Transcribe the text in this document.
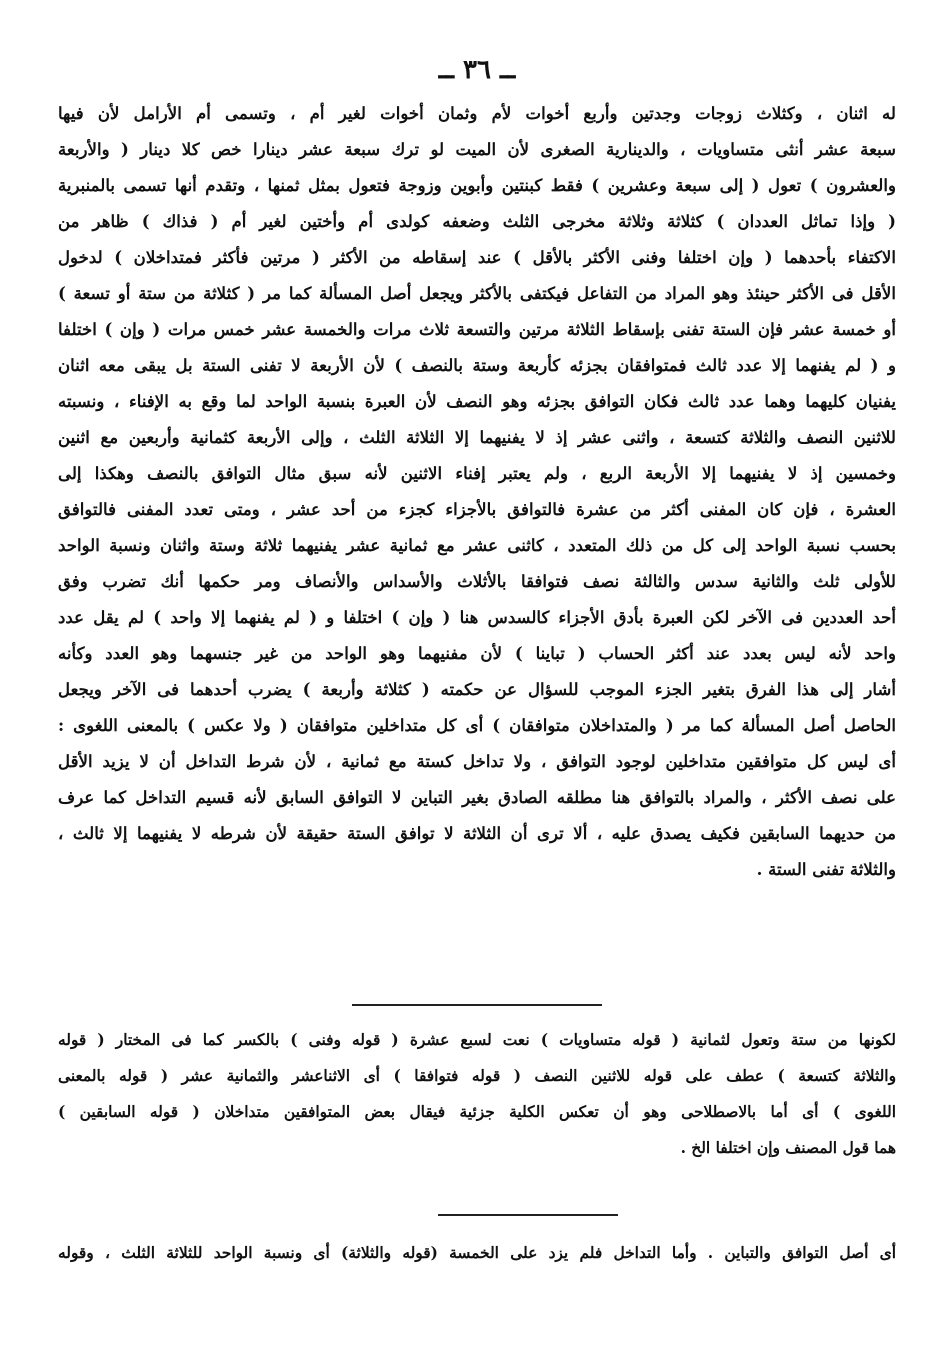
ــ ٣٦ ــ
له اثنان ، وكثلاث زوجات وجدتين وأربع أخوات لأم وثمان أخوات لغير أم ، وتسمى أم الأرامل لأن فيها
سبعة عشر أنثى متساويات ، والدينارية الصغرى لأن الميت لو ترك سبعة عشر دينارا خص كلا دينار ( والأربعة
والعشرون ) تعول ( إلى سبعة وعشرين ) فقط كبنتين وأبوين وزوجة فتعول بمثل ثمنها ، وتقدم أنها تسمى بالمنبرية
( وإذا تماثل العددان ) كثلاثة وثلاثة مخرجى الثلث وضعفه كولدى أم وأختين لغير أم ( فذاك ) ظاهر من
الاكتفاء بأحدهما ( وإن اختلفا وفنى الأكثر بالأقل ) عند إسقاطه من الأكثر ( مرتين فأكثر فمتداخلان ) لدخول
الأقل فى الأكثر حينئذ وهو المراد من التفاعل فيكتفى بالأكثر ويجعل أصل المسألة كما مر ( كثلاثة من ستة أو تسعة )
أو خمسة عشر فإن الستة تفنى بإسقاط الثلاثة مرتين والتسعة ثلاث مرات والخمسة عشر خمس مرات ( وإن ) اختلفا
و ( لم يفنهما إلا عدد ثالث فمتوافقان بجزئه كأربعة وستة بالنصف ) لأن الأربعة لا تفنى الستة بل يبقى معه اثنان
يفنيان كليهما وهما عدد ثالث فكان التوافق بجزئه وهو النصف لأن العبرة بنسبة الواحد لما وقع به الإفناء ، ونسبته
للاثنين النصف والثلاثة كتسعة ، واثنى عشر إذ لا يفنيهما إلا الثلاثة الثلث ، وإلى الأربعة كثمانية وأربعين مع اثنين
وخمسين إذ لا يفنيهما إلا الأربعة الربع ، ولم يعتبر إفناء الاثنين لأنه سبق مثال التوافق بالنصف وهكذا إلى
العشرة ، فإن كان المفنى أكثر من عشرة فالتوافق بالأجزاء كجزء من أحد عشر ، ومتى تعدد المفنى فالتوافق
بحسب نسبة الواحد إلى كل من ذلك المتعدد ، كاثنى عشر مع ثمانية عشر يفنيهما ثلاثة وستة واثنان ونسبة الواحد
للأولى ثلث والثانية سدس والثالثة نصف فتوافقا بالأثلاث والأسداس والأنصاف ومر حكمها أنك تضرب وفق
أحد العددين فى الآخر لكن العبرة بأدق الأجزاء كالسدس هنا ( وإن ) اختلفا و ( لم يفنهما إلا واحد ) لم يقل عدد
واحد لأنه ليس بعدد عند أكثر الحساب ( تباينا ) لأن مفنيهما وهو الواحد من غير جنسهما وهو العدد وكأنه
أشار إلى هذا الفرق بتغير الجزء الموجب للسؤال عن حكمته ( كثلاثة وأربعة ) يضرب أحدهما فى الآخر ويجعل
الحاصل أصل المسألة كما مر ( والمتداخلان متوافقان ) أى كل متداخلين متوافقان ( ولا عكس ) بالمعنى اللغوى :
أى ليس كل متوافقين متداخلين لوجود التوافق ، ولا تداخل كستة مع ثمانية ، لأن شرط التداخل أن لا يزيد الأقل
على نصف الأكثر ، والمراد بالتوافق هنا مطلقه الصادق بغير التباين لا التوافق السابق لأنه قسيم التداخل كما عرف
من حديهما السابقين فكيف يصدق عليه ، ألا ترى أن الثلاثة لا توافق الستة حقيقة لأن شرطه لا يفنيهما إلا ثالث ،
والثلاثة تفنى الستة .
لكونها من ستة وتعول لثمانية ( قوله متساويات ) نعت لسبع عشرة ( قوله وفنى ) بالكسر كما فى المختار ( قوله
والثلاثة كتسعة ) عطف على قوله للاثنين النصف ( قوله فتوافقا ) أى الاثناعشر والثمانية عشر ( قوله بالمعنى
اللغوى ) أى أما بالاصطلاحى وهو أن تعكس الكلية جزئية فيقال بعض المتوافقين متداخلان ( قوله السابقين )
هما قول المصنف وإن اختلفا الخ .
أى أصل التوافق والتباين . وأما التداخل فلم يزد على الخمسة (قوله والثلاثة) أى ونسبة الواحد للثلاثة الثلث ، وقوله
